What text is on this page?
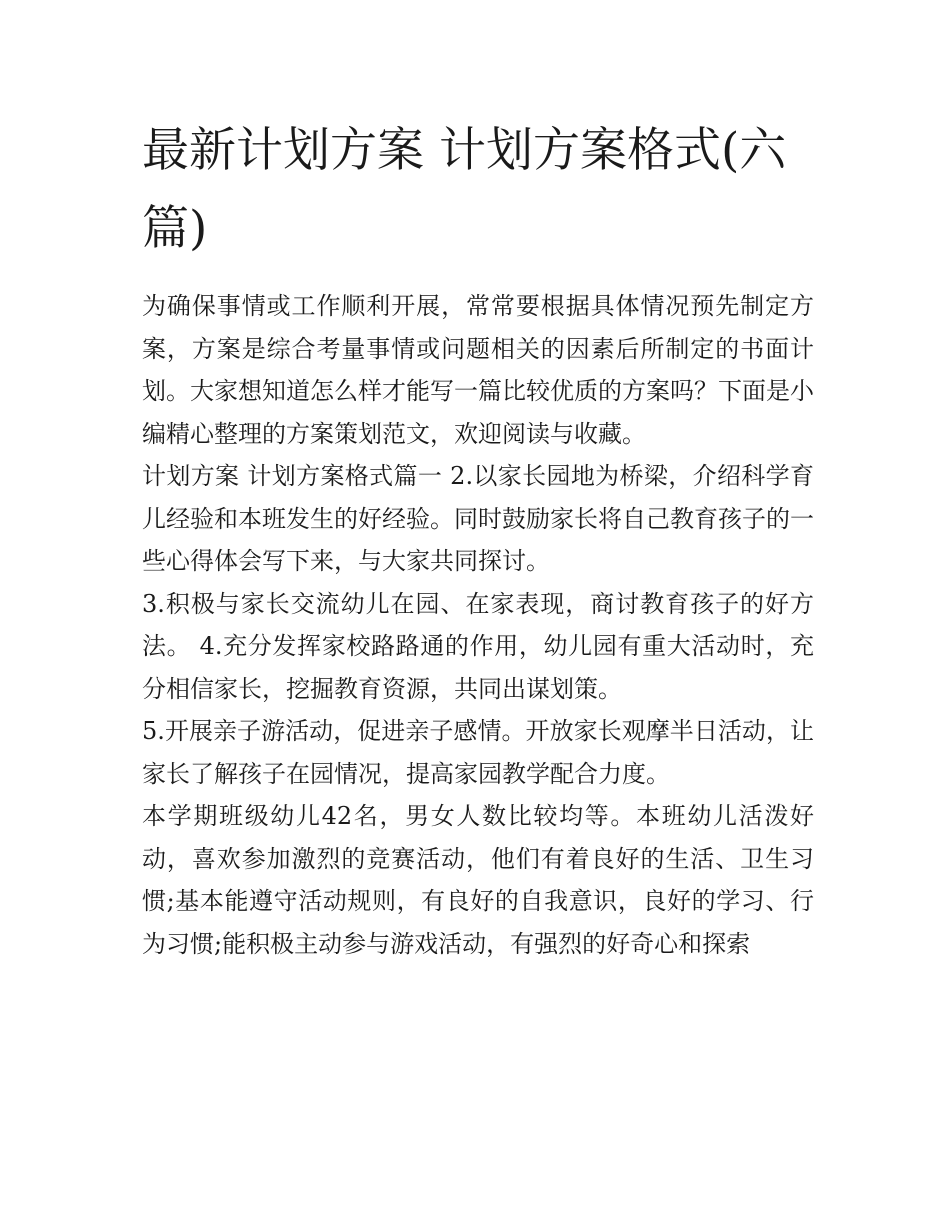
最新计划方案 计划方案格式(六篇)

为确保事情或工作顺利开展，常常要根据具体情况预先制定方案，方案是综合考量事情或问题相关的因素后所制定的书面计划。大家想知道怎么样才能写一篇比较优质的方案吗？下面是小编精心整理的方案策划范文，欢迎阅读与收藏。

计划方案 计划方案格式篇一 2.以家长园地为桥梁，介绍科学育儿经验和本班发生的好经验。同时鼓励家长将自己教育孩子的一些心得体会写下来，与大家共同探讨。

3.积极与家长交流幼儿在园、在家表现，商讨教育孩子的好方法。 4.充分发挥家校路路通的作用，幼儿园有重大活动时，充分相信家长，挖掘教育资源，共同出谋划策。

5.开展亲子游活动，促进亲子感情。开放家长观摩半日活动，让家长了解孩子在园情况，提高家园教学配合力度。

本学期班级幼儿42名，男女人数比较均等。本班幼儿活泼好动，喜欢参加激烈的竞赛活动，他们有着良好的生活、卫生习惯;基本能遵守活动规则，有良好的自我意识，良好的学习、行为习惯;能积极主动参与游戏活动，有强烈的好奇心和探索
